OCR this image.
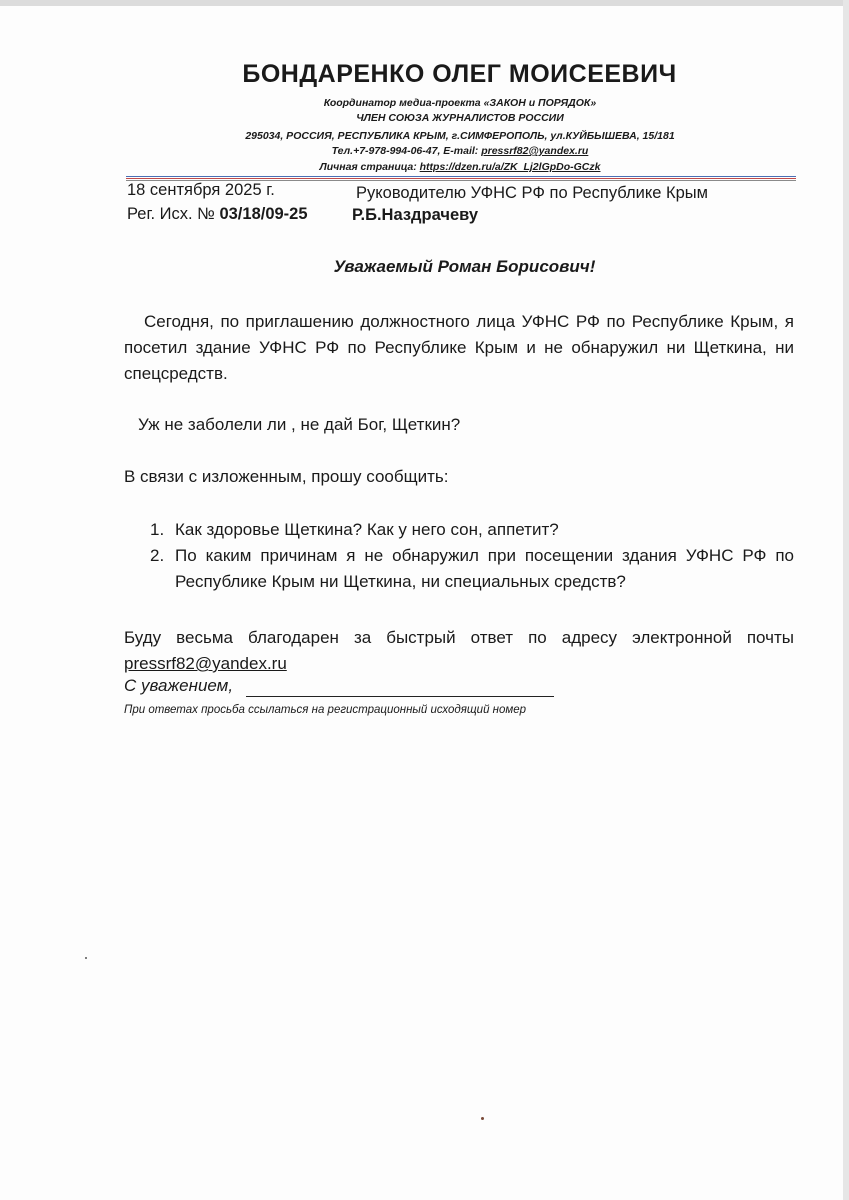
БОНДАРЕНКО ОЛЕГ МОИСЕЕВИЧ
Координатор медиа-проекта «ЗАКОН и ПОРЯДОК»
ЧЛЕН СОЮЗА ЖУРНАЛИСТОВ РОССИИ
295034, РОССИЯ, РЕСПУБЛИКА КРЫМ, г.СИМФЕРОПОЛЬ, ул.КУЙБЫШЕВА, 15/181
Тел.+7-978-994-06-47, E-mail: pressrf82@yandex.ru
Личная страница: https://dzen.ru/a/ZK_Lj2lGpDo-GCzk
18 сентября 2025 г.
Рег. Исх. № 03/18/09-25
Руководителю УФНС РФ по Республике Крым
Р.Б.Наздрачеву
Уважаемый Роман Борисович!
Сегодня, по приглашению должностного лица УФНС РФ по Республике Крым, я посетил здание УФНС РФ по Республике Крым и не обнаружил ни Щеткина, ни спецсредств.
Уж не заболели ли , не дай Бог, Щеткин?
В связи с изложенным, прошу сообщить:
1. Как здоровье Щеткина? Как у него сон, аппетит?
2. По каким причинам я не обнаружил при посещении здания УФНС РФ по Республике Крым ни Щеткина, ни специальных средств?
Буду весьма благодарен за быстрый ответ по адресу электронной почты pressrf82@yandex.ru
С уважением,
При ответах просьба ссылаться на регистрационный исходящий номер
